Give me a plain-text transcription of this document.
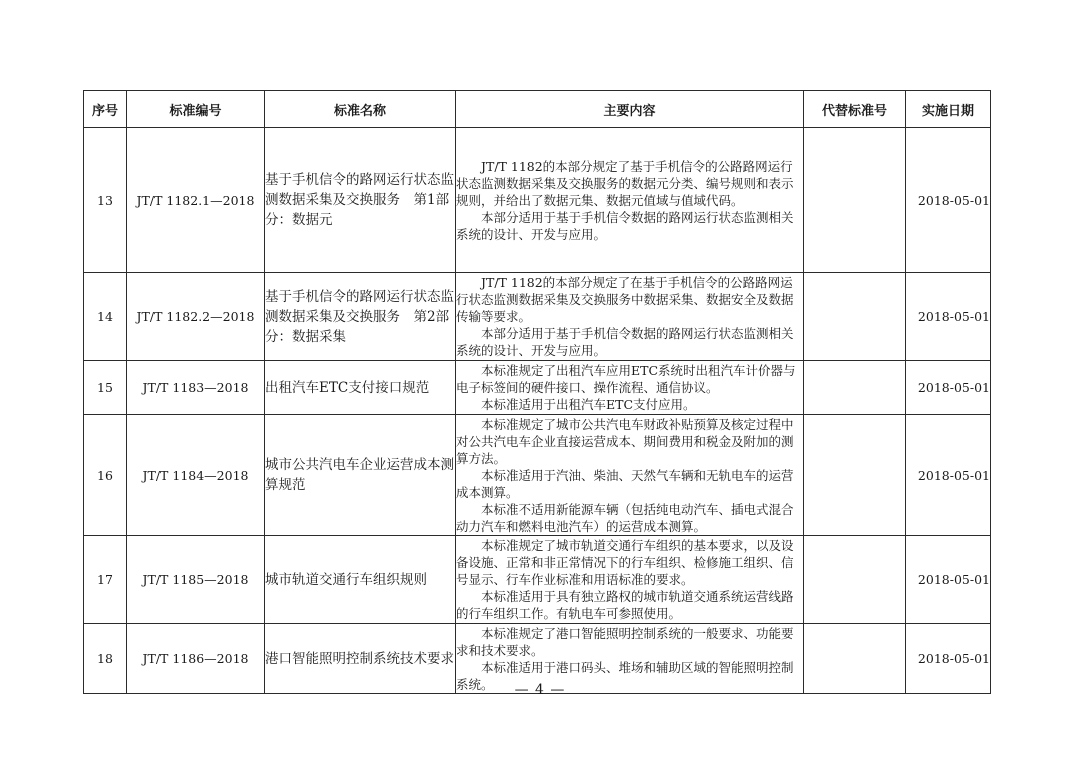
序号	标准编号	标准名称	主要内容	代替标准号	实施日期
13	JT/T 1182.1—2018	基于手机信令的路网运行状态监测数据采集及交换服务　第1部分：数据元	JT/T 1182的本部分规定了基于手机信令的公路路网运行状态监测数据采集及交换服务的数据元分类、编号规则和表示规则，并给出了数据元集、数据元值域与值域代码。

本部分适用于基于手机信令数据的路网运行状态监测相关系统的设计、开发与应用。		2018-05-01
14	JT/T 1182.2—2018	基于手机信令的路网运行状态监测数据采集及交换服务　第2部分：数据采集	JT/T 1182的本部分规定了在基于手机信令的公路路网运行状态监测数据采集及交换服务中数据采集、数据安全及数据传输等要求。

本部分适用于基于手机信令数据的路网运行状态监测相关系统的设计、开发与应用。		2018-05-01
15	JT/T 1183—2018	出租汽车ETC支付接口规范	本标准规定了出租汽车应用ETC系统时出租汽车计价器与电子标签间的硬件接口、操作流程、通信协议。

本标准适用于出租汽车ETC支付应用。		2018-05-01
16	JT/T 1184—2018	城市公共汽电车企业运营成本测算规范	本标准规定了城市公共汽电车财政补贴预算及核定过程中对公共汽电车企业直接运营成本、期间费用和税金及附加的测算方法。

本标准适用于汽油、柴油、天然气车辆和无轨电车的运营成本测算。

本标准不适用新能源车辆（包括纯电动汽车、插电式混合动力汽车和燃料电池汽车）的运营成本测算。		2018-05-01
17	JT/T 1185—2018	城市轨道交通行车组织规则	本标准规定了城市轨道交通行车组织的基本要求，以及设备设施、正常和非正常情况下的行车组织、检修施工组织、信号显示、行车作业标准和用语标准的要求。

本标准适用于具有独立路权的城市轨道交通系统运营线路的行车组织工作。有轨电车可参照使用。		2018-05-01
18	JT/T 1186—2018	港口智能照明控制系统技术要求	本标准规定了港口智能照明控制系统的一般要求、功能要求和技术要求。

本标准适用于港口码头、堆场和辅助区域的智能照明控制系统。		2018-05-01
— 4 —
